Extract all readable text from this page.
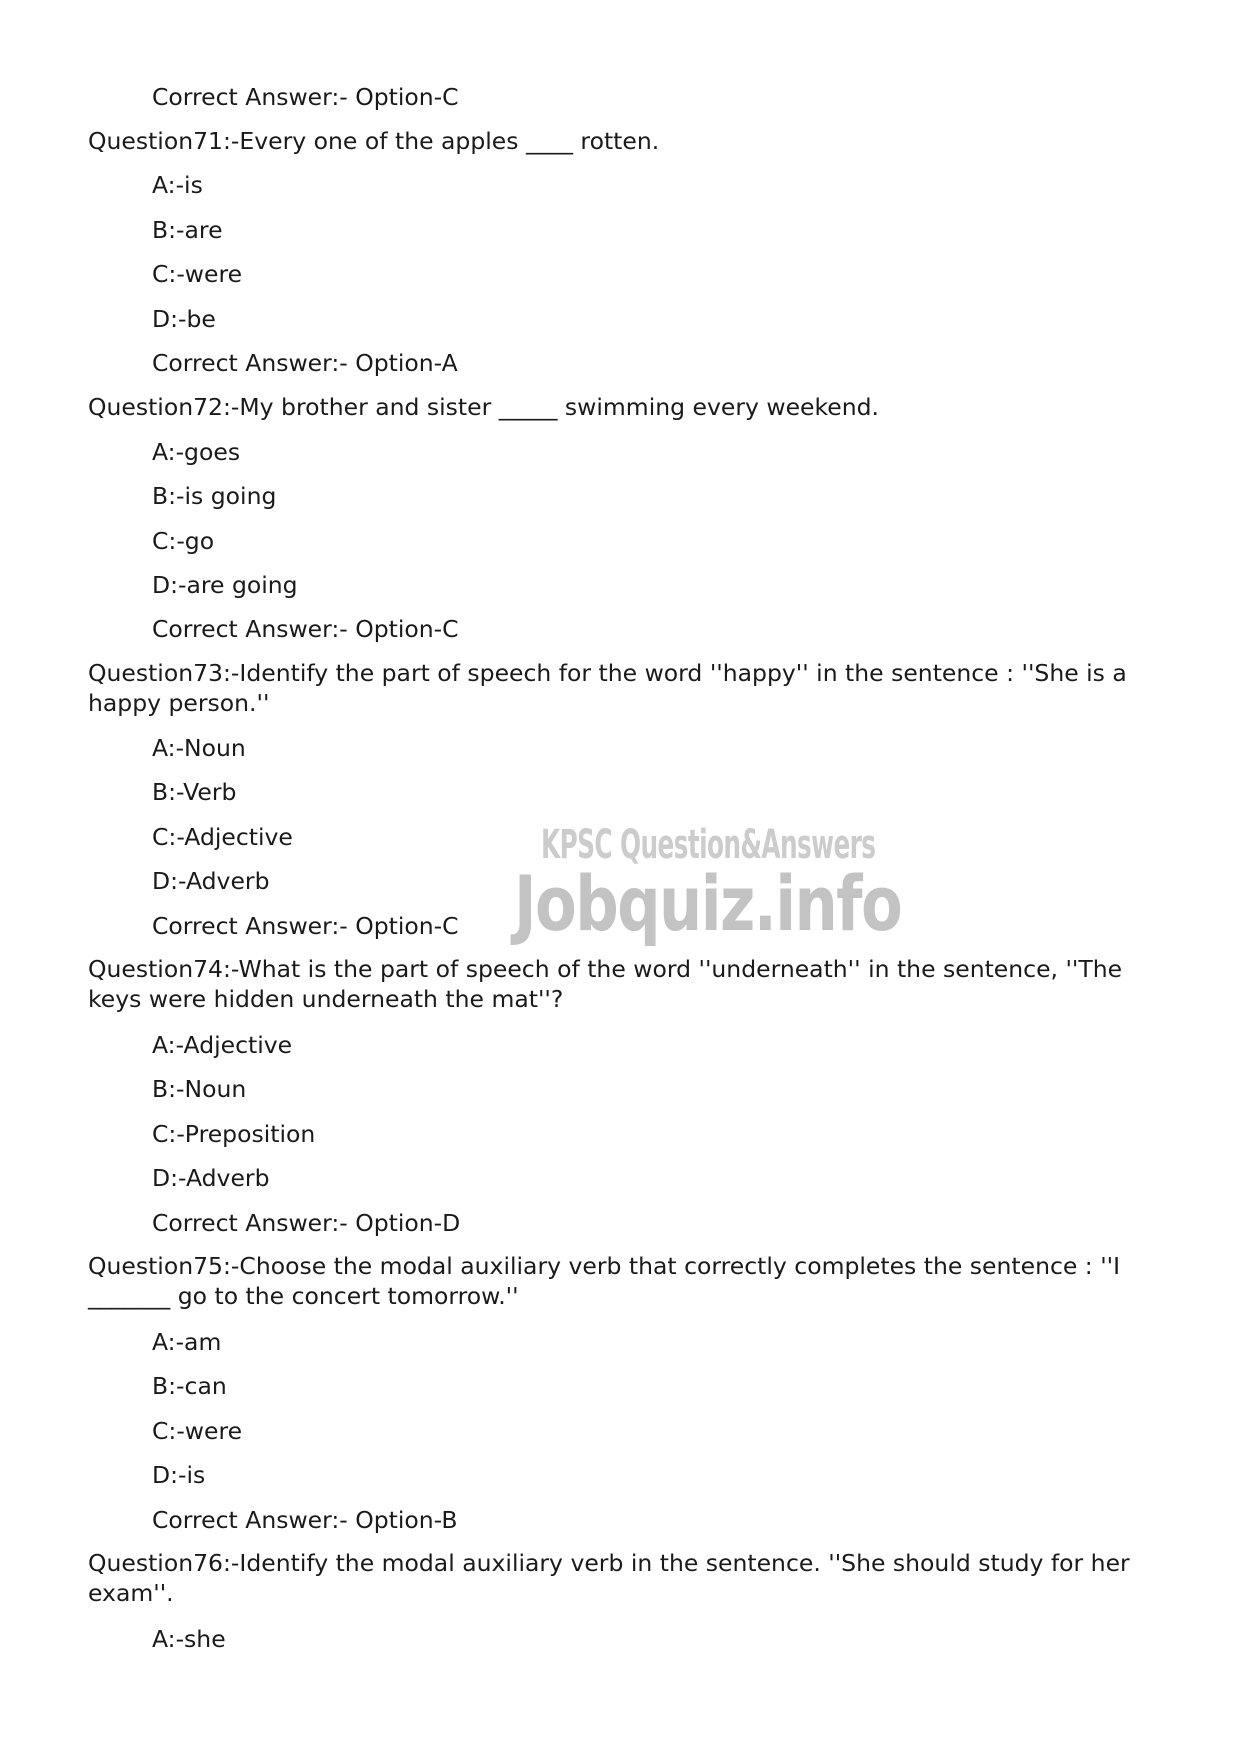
Correct Answer:- Option-C

Question71:-Every one of the apples ____ rotten.

A:-is

B:-are

C:-were

D:-be

Correct Answer:- Option-A

Question72:-My brother and sister _____ swimming every weekend.

A:-goes

B:-is going

C:-go

D:-are going

Correct Answer:- Option-C

Question73:-Identify the part of speech for the word ''happy'' in the sentence : ''She is a happy person.''

A:-Noun

B:-Verb

C:-Adjective

D:-Adverb

Correct Answer:- Option-C

Question74:-What is the part of speech of the word ''underneath'' in the sentence, ''The keys were hidden underneath the mat''?

A:-Adjective

B:-Noun

C:-Preposition

D:-Adverb

Correct Answer:- Option-D

Question75:-Choose the modal auxiliary verb that correctly completes the sentence : ''I _______ go to the concert tomorrow.''

A:-am

B:-can

C:-were

D:-is

Correct Answer:- Option-B

Question76:-Identify the modal auxiliary verb in the sentence. ''She should study for her exam''.

A:-she

KPSC Question&Answers
Jobquiz.info
